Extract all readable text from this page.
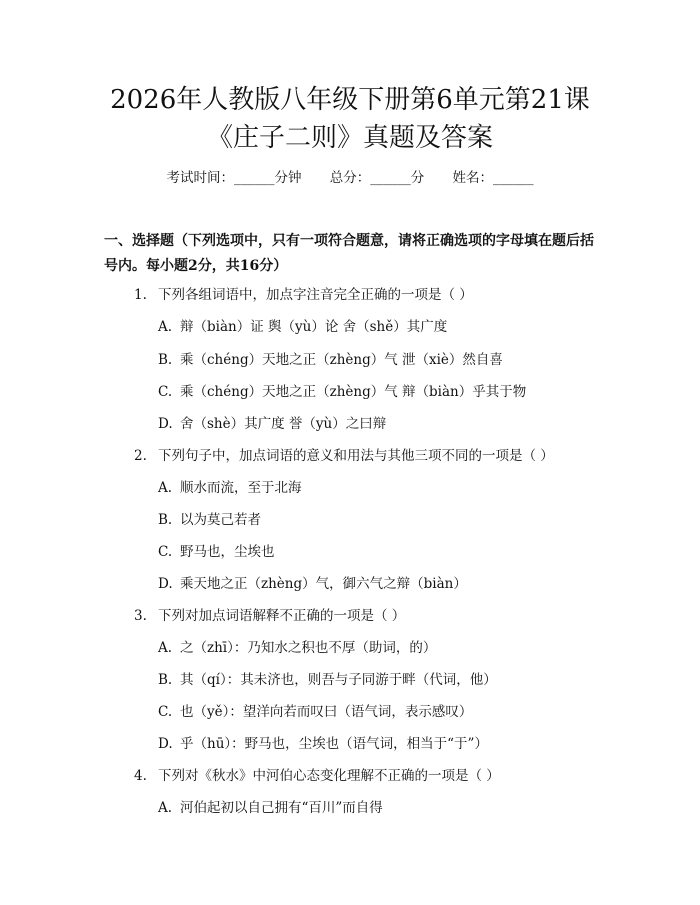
2026年人教版八年级下册第6单元第21课
《庄子二则》真题及答案
考试时间：______分钟 总分：______分 姓名：______
一、选择题（下列选项中，只有一项符合题意，请将正确选项的字母填在题后括
号内。每小题2分，共16分）
1. 下列各组词语中，加点字注音完全正确的一项是（ ）
A. 辩（biàn）证 舆（yù）论 舍（shě）其广度
B. 乘（chéng）天地之正（zhèng）气 泄（xiè）然自喜
C. 乘（chéng）天地之正（zhèng）气 辩（biàn）乎其于物
D. 舍（shè）其广度 誉（yù）之曰辩
2. 下列句子中，加点词语的意义和用法与其他三项不同的一项是（ ）
A. 顺水而流，至于北海
B. 以为莫己若者
C. 野马也，尘埃也
D. 乘天地之正（zhèng）气，御六气之辩（biàn）
3. 下列对加点词语解释不正确的一项是（ ）
A. 之（zhī）：乃知水之积也不厚（助词，的）
B. 其（qí）：其未济也，则吾与子同游于畔（代词，他）
C. 也（yě）：望洋向若而叹曰（语气词，表示感叹）
D. 乎（hū）：野马也，尘埃也（语气词，相当于“于”）
4. 下列对《秋水》中河伯心态变化理解不正确的一项是（ ）
A. 河伯起初以自己拥有“百川”而自得
